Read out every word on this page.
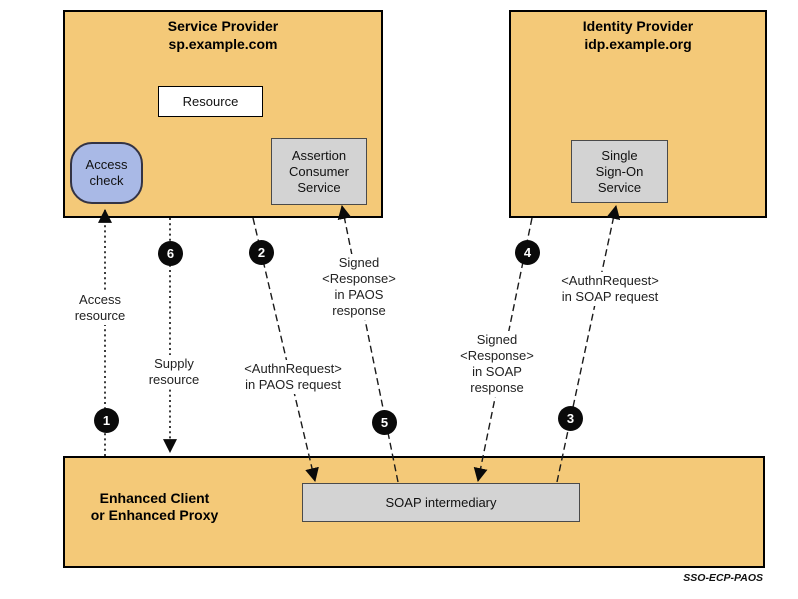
Service Provider
sp.example.com
Resource
Access check
Assertion Consumer Service
Identity Provider
idp.example.org
Single Sign-On Service
Enhanced Client
or Enhanced Proxy
SOAP intermediary
Access
resource
Supply
resource
<AuthnRequest>
in PAOS request
Signed
<Response>
in PAOS
response
Signed
<Response>
in SOAP
response
<AuthnRequest>
in SOAP request
1
2
3
4
5
6
SSO-ECP-PAOS
